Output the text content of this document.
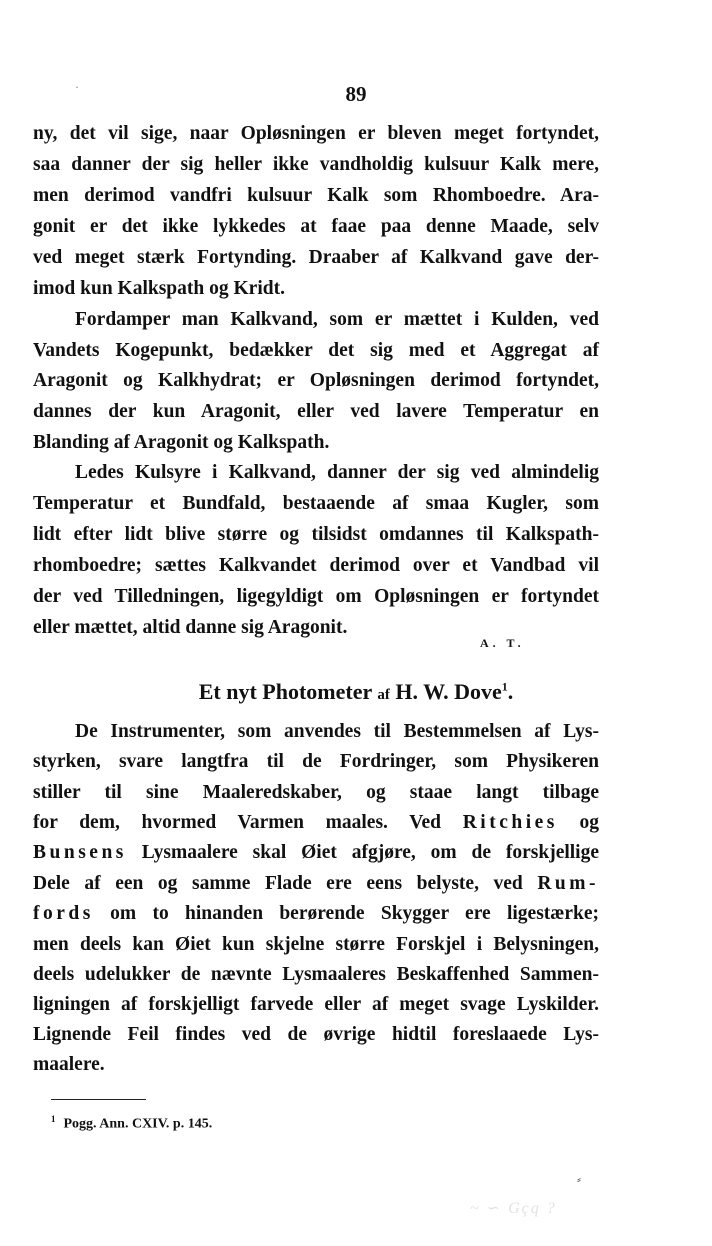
89
ny, det vil sige, naar Opløsningen er bleven meget fortyndet,
saa danner der sig heller ikke vandholdig kulsuur Kalk mere,
men derimod vandfri kulsuur Kalk som Rhomboedre. Ara-
gonit er det ikke lykkedes at faae paa denne Maade, selv
ved meget stærk Fortynding. Draaber af Kalkvand gave der-
imod kun Kalkspath og Kridt.
Fordamper man Kalkvand, som er mættet i Kulden, ved
Vandets Kogepunkt, bedækker det sig med et Aggregat af
Aragonit og Kalkhydrat; er Opløsningen derimod fortyndet,
dannes der kun Aragonit, eller ved lavere Temperatur en
Blanding af Aragonit og Kalkspath.
Ledes Kulsyre i Kalkvand, danner der sig ved almindelig
Temperatur et Bundfald, bestaaende af smaa Kugler, som
lidt efter lidt blive større og tilsidst omdannes til Kalkspath-
rhomboedre; sættes Kalkvandet derimod over et Vandbad vil
der ved Tilledningen, ligegyldigt om Opløsningen er fortyndet
eller mættet, altid danne sig Aragonit.
A. T.
Et nyt Photometer af H. W. Dove$^1$.
De Instrumenter, som anvendes til Bestemmelsen af Lys-
styrken, svare langtfra til de Fordringer, som Physikeren
stiller til sine Maaleredskaber, og staae langt tilbage
for dem, hvormed Varmen maales. Ved Ritchies og
Bunsens Lysmaalere skal Øiet afgjøre, om de forskjellige
Dele af een og samme Flade ere eens belyste, ved Rum-
fords om to hinanden berørende Skygger ere ligestærke;
men deels kan Øiet kun skjelne større Forskjel i Belysningen,
deels udelukker de nævnte Lysmaaleres Beskaffenhed Sammen-
ligningen af forskjelligt farvede eller af meget svage Lyskilder.
Lignende Feil findes ved de øvrige hidtil foreslaaede Lys-
maalere.
$^1$ Pogg. Ann. CXIV. p. 145.
·
⸗
~ ∽ Gçq ?
